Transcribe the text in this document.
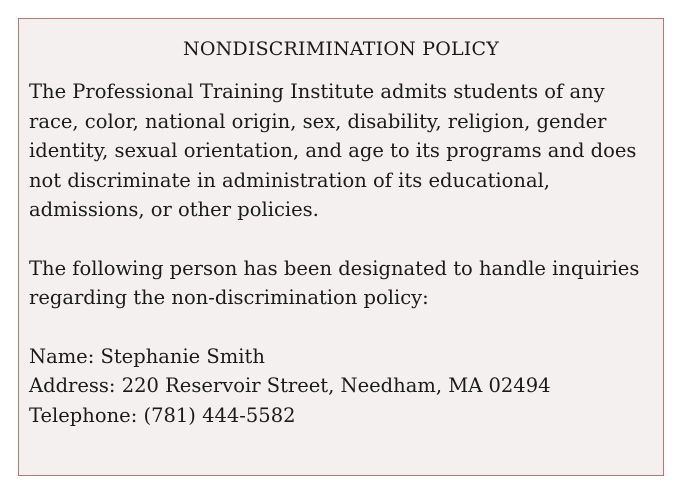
NONDISCRIMINATION POLICY

The Professional Training Institute admits students of any race, color, national origin, sex, disability, religion, gender identity, sexual orientation, and age to its programs and does not discriminate in administration of its educational, admissions, or other policies.

The following person has been designated to handle inquiries regarding the non-discrimination policy:

Name: Stephanie Smith

Address: 220 Reservoir Street, Needham, MA 02494

Telephone: (781) 444-5582
